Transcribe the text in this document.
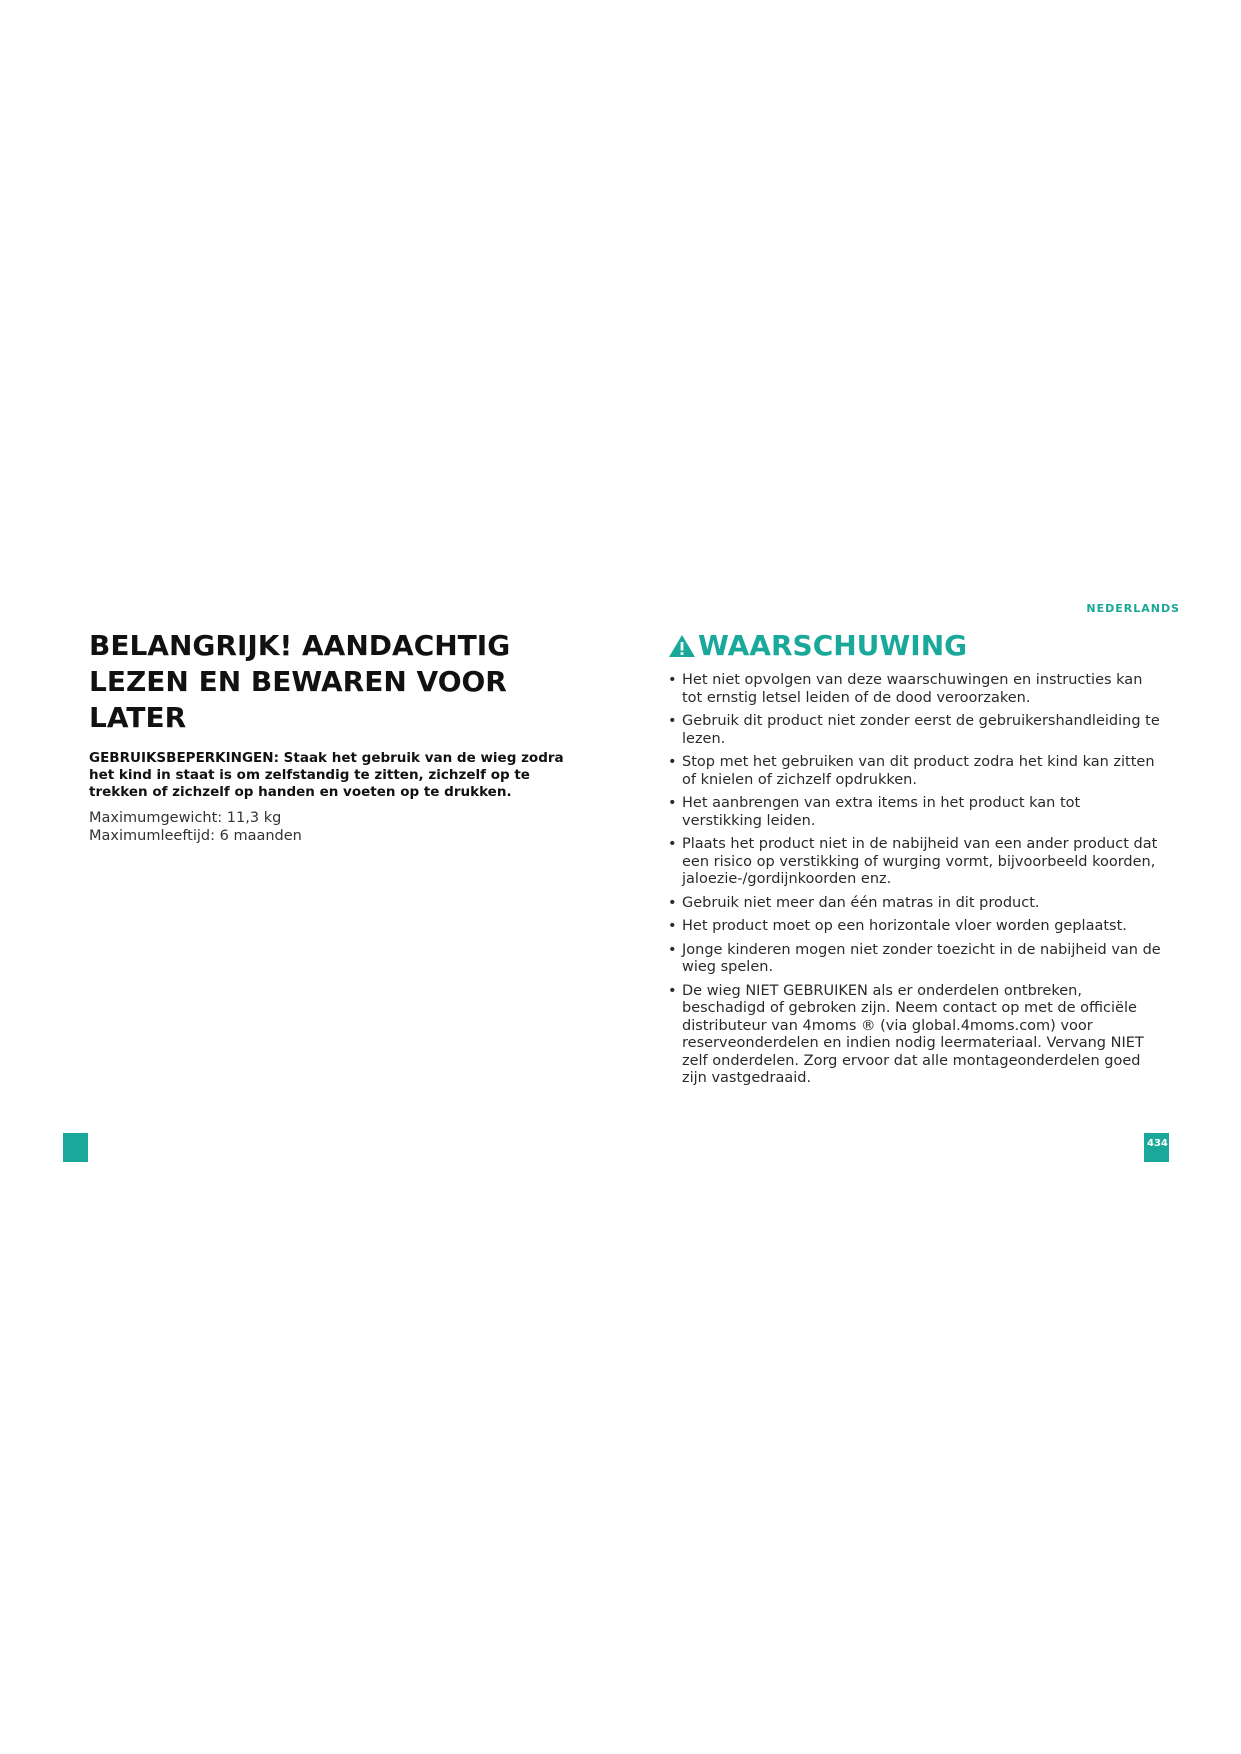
NEDERLANDS
BELANGRIJK! AANDACHTIG
LEZEN EN BEWAREN VOOR LATER

GEBRUIKSBEPERKINGEN: Staak het gebruik van de wieg zodra het kind in staat is om zelfstandig te zitten, zichzelf op te trekken of zichzelf op handen en voeten op te drukken.

Maximumgewicht: 11,3 kg
Maximumleeftijd: 6 maanden
WAARSCHUWING
• Het niet opvolgen van deze waarschuwingen en instructies kan tot ernstig letsel leiden of de dood veroorzaken.
• Gebruik dit product niet zonder eerst de gebruikershandleiding te lezen.
• Stop met het gebruiken van dit product zodra het kind kan zitten of knielen of zichzelf opdrukken.
• Het aanbrengen van extra items in het product kan tot verstikking leiden.
• Plaats het product niet in de nabijheid van een ander product dat een risico op verstikking of wurging vormt, bijvoorbeeld koorden, jaloezie-/gordijnkoorden enz.
• Gebruik niet meer dan één matras in dit product.
• Het product moet op een horizontale vloer worden geplaatst.
• Jonge kinderen mogen niet zonder toezicht in de nabijheid van de wieg spelen.
• De wieg NIET GEBRUIKEN als er onderdelen ontbreken, beschadigd of gebroken zijn. Neem contact op met de officiële distributeur van 4moms ® (via global.4moms.com) voor reserveonderdelen en indien nodig leermateriaal. Vervang NIET zelf onderdelen. Zorg ervoor dat alle montageonderdelen goed zijn vastgedraaid.
434
